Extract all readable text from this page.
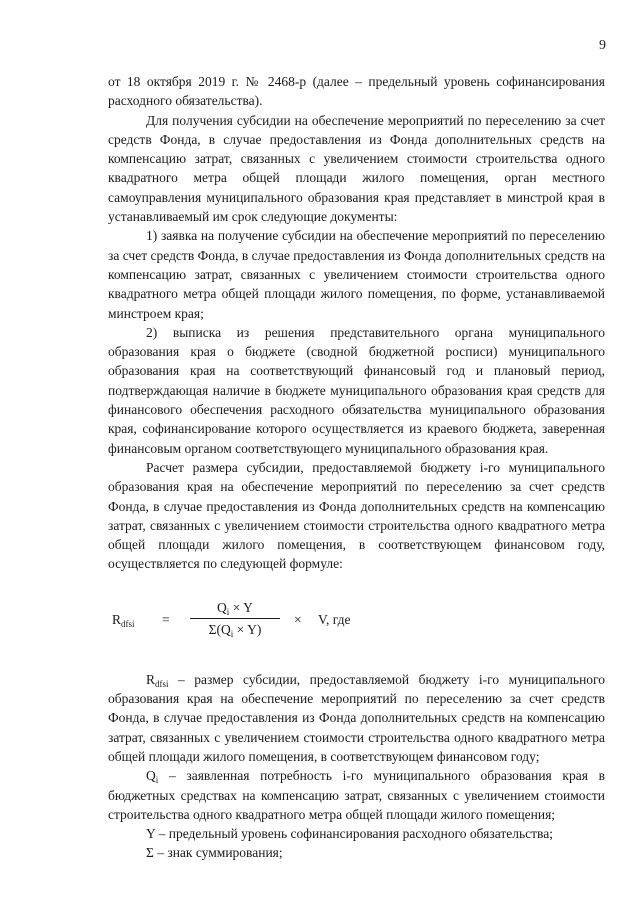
9

от 18 октября 2019 г. № 2468-р (далее – предельный уровень софинансирования расходного обязательства).

Для получения субсидии на обеспечение мероприятий по переселению за счет средств Фонда, в случае предоставления из Фонда дополнительных средств на компенсацию затрат, связанных с увеличением стоимости строительства одного квадратного метра общей площади жилого помещения, орган местного самоуправления муниципального образования края представляет в минстрой края в устанавливаемый им срок следующие документы:

1) заявка на получение субсидии на обеспечение мероприятий по переселению за счет средств Фонда, в случае предоставления из Фонда дополнительных средств на компенсацию затрат, связанных с увеличением стоимости строительства одного квадратного метра общей площади жилого помещения, по форме, устанавливаемой минстроем края;

2) выписка из решения представительного органа муниципального образования края о бюджете (сводной бюджетной росписи) муниципального образования края на соответствующий финансовый год и плановый период, подтверждающая наличие в бюджете муниципального образования края средств для финансового обеспечения расходного обязательства муниципального образования края, софинансирование которого осуществляется из краевого бюджета, заверенная финансовым органом соответствующего муниципального образования края.

Расчет размера субсидии, предоставляемой бюджету i-го муниципального образования края на обеспечение мероприятий по переселению за счет средств Фонда, в случае предоставления из Фонда дополнительных средств на компенсацию затрат, связанных с увеличением стоимости строительства одного квадратного метра общей площади жилого помещения, в соответствующем финансовом году, осуществляется по следующей формуле:

$R_{dfsi} = \frac{Q_i \times Y}{\Sigma(Q_i \times Y)} \times V$, где

$R_{dfsi}$ – размер субсидии, предоставляемой бюджету i-го муниципального образования края на обеспечение мероприятий по переселению за счет средств Фонда, в случае предоставления из Фонда дополнительных средств на компенсацию затрат, связанных с увеличением стоимости строительства одного квадратного метра общей площади жилого помещения, в соответствующем финансовом году;

$Q_i$ – заявленная потребность i-го муниципального образования края в бюджетных средствах на компенсацию затрат, связанных с увеличением стоимости строительства одного квадратного метра общей площади жилого помещения;

Y – предельный уровень софинансирования расходного обязательства;

Σ – знак суммирования;
